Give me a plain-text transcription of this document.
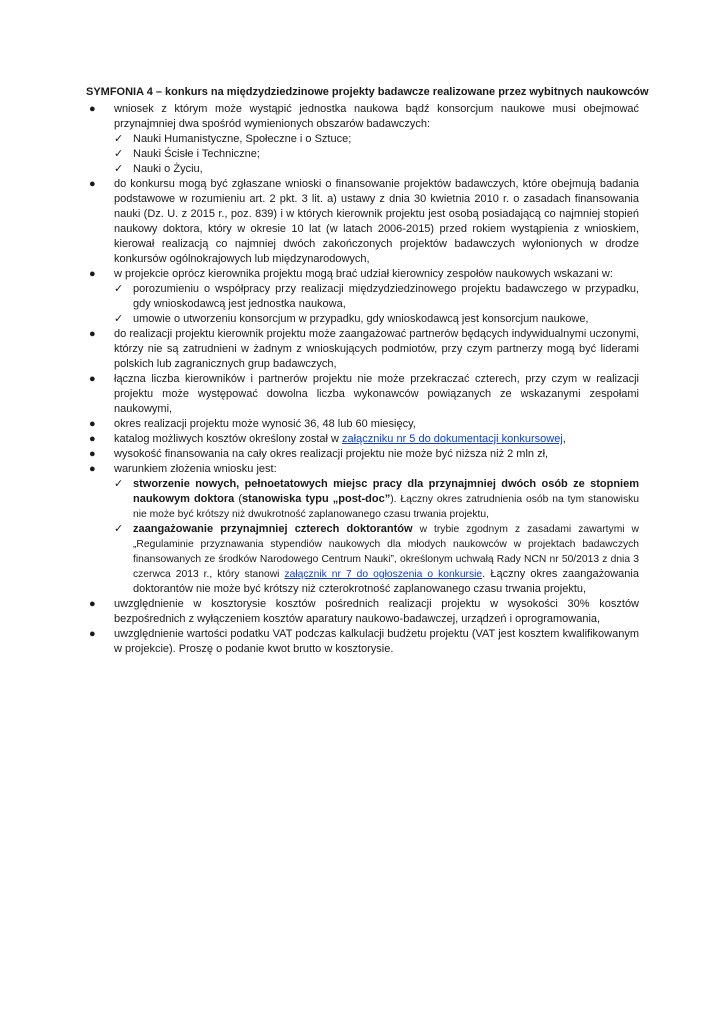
SYMFONIA 4 – konkurs na międzydziedzinowe projekty badawcze realizowane przez wybitnych naukowców
● wniosek z którym może wystąpić jednostka naukowa bądź konsorcjum naukowe musi obejmować przynajmniej dwa spośród wymienionych obszarów badawczych:
✓ Nauki Humanistyczne, Społeczne i o Sztuce;
✓ Nauki Ścisłe i Techniczne;
✓ Nauki o Życiu,
● do konkursu mogą być zgłaszane wnioski o finansowanie projektów badawczych, które obejmują badania podstawowe w rozumieniu art. 2 pkt. 3 lit. a) ustawy z dnia 30 kwietnia 2010 r. o zasadach finansowania nauki (Dz. U. z 2015 r., poz. 839) i w których kierownik projektu jest osobą posiadającą co najmniej stopień naukowy doktora, który w okresie 10 lat (w latach 2006-2015) przed rokiem wystąpienia z wnioskiem, kierował realizacją co najmniej dwóch zakończonych projektów badawczych wyłonionych w drodze konkursów ogólnokrajowych lub międzynarodowych,
● w projekcie oprócz kierownika projektu mogą brać udział kierownicy zespołów naukowych wskazani w:
✓ porozumieniu o współpracy przy realizacji międzydziedzinowego projektu badawczego w przypadku, gdy wnioskodawcą jest jednostka naukowa,
✓ umowie o utworzeniu konsorcjum w przypadku, gdy wnioskodawcą jest konsorcjum naukowe,
● do realizacji projektu kierownik projektu może zaangażować partnerów będących indywidualnymi uczonymi, którzy nie są zatrudnieni w żadnym z wnioskujących podmiotów, przy czym partnerzy mogą być liderami polskich lub zagranicznych grup badawczych,
● łączna liczba kierowników i partnerów projektu nie może przekraczać czterech, przy czym w realizacji projektu może występować dowolna liczba wykonawców powiązanych ze wskazanymi zespołami naukowymi,
● okres realizacji projektu może wynosić 36, 48 lub 60 miesięcy,
● katalog możliwych kosztów określony został w załączniku nr 5 do dokumentacji konkursowej,
● wysokość finansowania na cały okres realizacji projektu nie może być niższa niż 2 mln zł,
● warunkiem złożenia wniosku jest:
✓ stworzenie nowych, pełnoetatowych miejsc pracy dla przynajmniej dwóch osób ze stopniem naukowym doktora (stanowiska typu „post-doc”). Łączny okres zatrudnienia osób na tym stanowisku nie może być krótszy niż dwukrotność zaplanowanego czasu trwania projektu,
✓ zaangażowanie przynajmniej czterech doktorantów w trybie zgodnym z zasadami zawartymi w „Regulaminie przyznawania stypendiów naukowych dla młodych naukowców w projektach badawczych finansowanych ze środków Narodowego Centrum Nauki”, określonym uchwałą Rady NCN nr 50/2013 z dnia 3 czerwca 2013 r., który stanowi załącznik nr 7 do ogłoszenia o konkursie. Łączny okres zaangażowania doktorantów nie może być krótszy niż czterokrotność zaplanowanego czasu trwania projektu,
● uwzględnienie w kosztorysie kosztów pośrednich realizacji projektu w wysokości 30% kosztów bezpośrednich z wyłączeniem kosztów aparatury naukowo-badawczej, urządzeń i oprogramowania,
● uwzględnienie wartości podatku VAT podczas kalkulacji budżetu projektu (VAT jest kosztem kwalifikowanym w projekcie). Proszę o podanie kwot brutto w kosztorysie.
